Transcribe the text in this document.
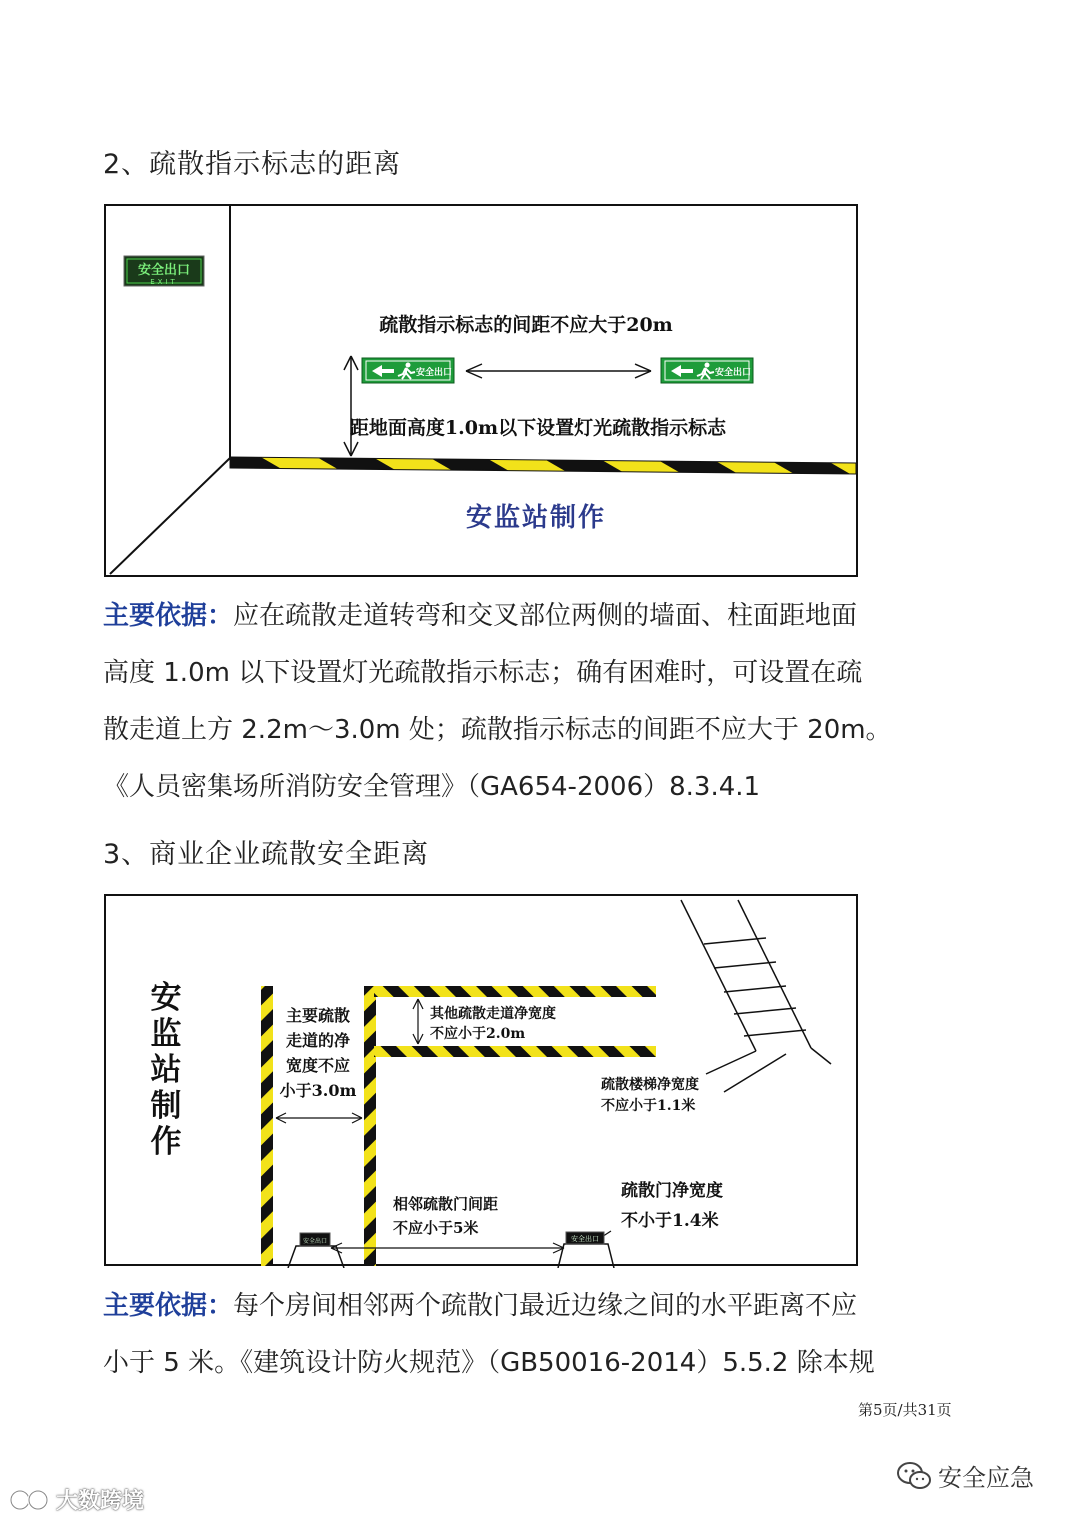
2、疏散指示标志的距离
安全出口
EXIT
疏散指示标志的间距不应大于20m
安全出口	安全出口
距地面高度1.0m以下设置灯光疏散指示标志
安监站制作
主要依据：应在疏散走道转弯和交叉部位两侧的墙面、柱面距地面
高度 1.0m 以下设置灯光疏散指示标志；确有困难时，可设置在疏
散走道上方 2.2m～3.0m 处；疏散指示标志的间距不应大于 20m。
《人员密集场所消防安全管理》（GA654-2006）8.3.4.1
3、商业企业疏散安全距离
安全出口	安全出口
安
监
站
制
作
主要疏散
走道的净
宽度不应
小于3.0m
其他疏散走道净宽度
不应小于2.0m
疏散楼梯净宽度
不应小于1.1米
相邻疏散门间距
不应小于5米
疏散门净宽度
不小于1.4米
主要依据：每个房间相邻两个疏散门最近边缘之间的水平距离不应
小于 5 米。《建筑设计防火规范》（GB50016-2014）5.5.2 除本规
第5页/共31页
安全应急
大数跨境
